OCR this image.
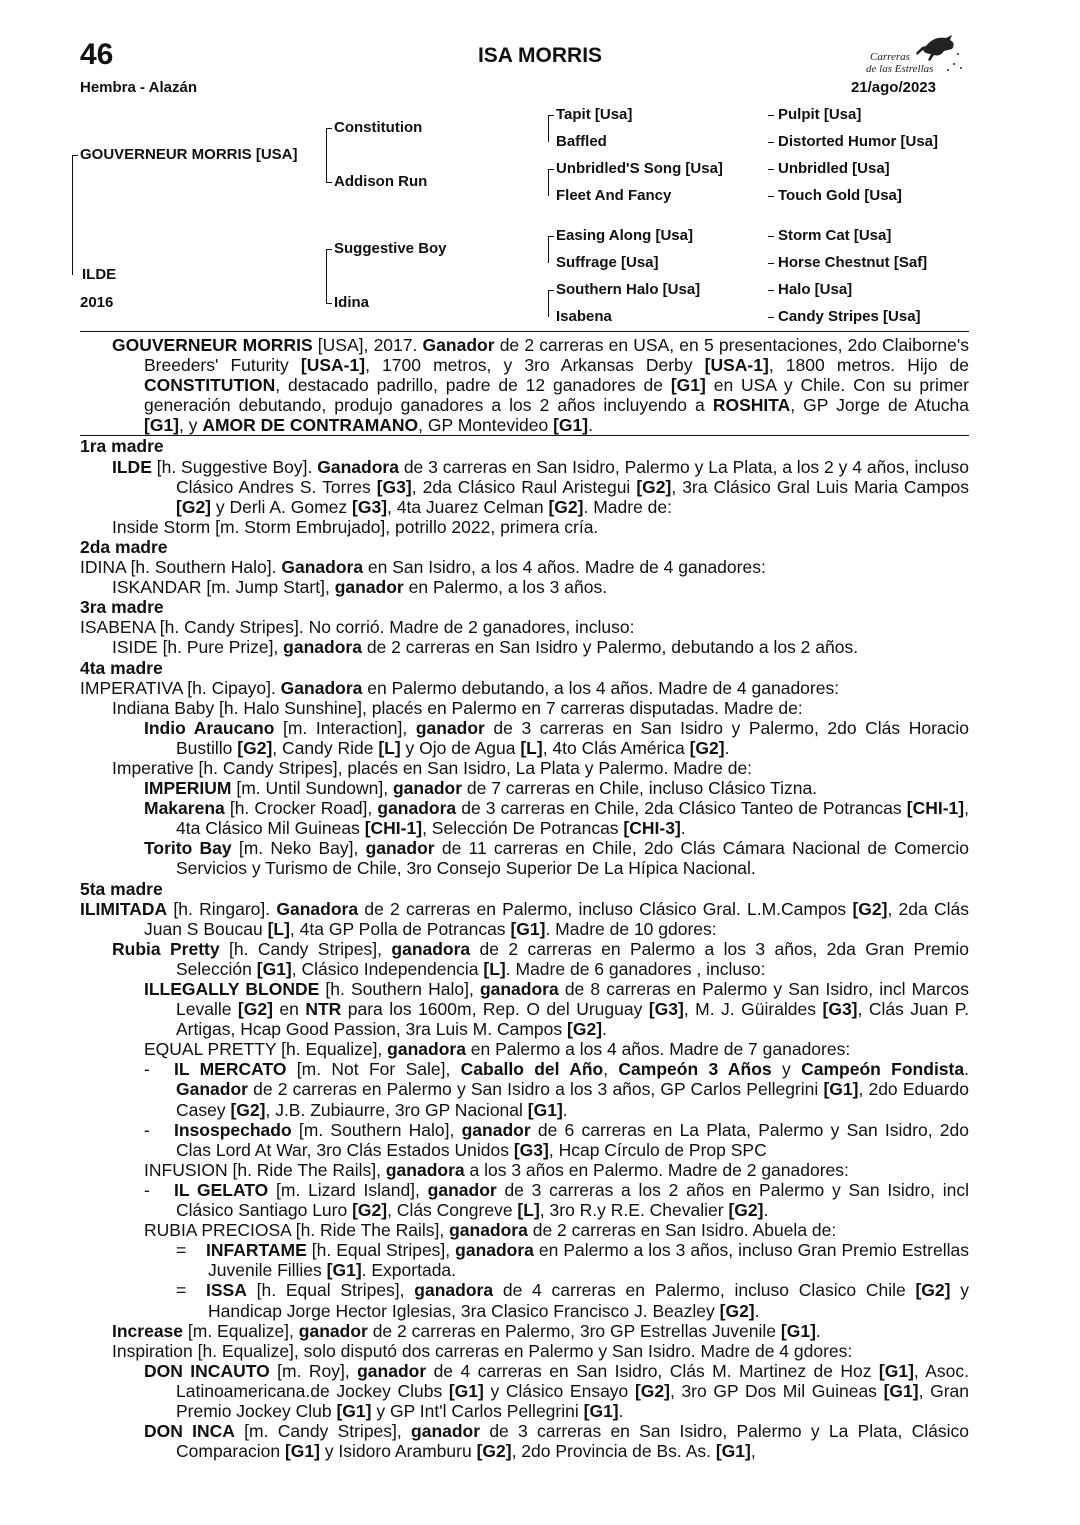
46	ISA MORRIS
Hembra - Alazán	21/ago/2023
Carreras
de las Estrellas
GOUVERNEUR MORRIS [USA]
ILDE
2016
Constitution
Addison Run
Suggestive Boy
Idina
Tapit [Usa]
Baffled
Unbridled'S Song [Usa]
Fleet And Fancy
Easing Along [Usa]
Suffrage [Usa]
Southern Halo [Usa]
Isabena
Pulpit [Usa]
Distorted Humor [Usa]
Unbridled [Usa]
Touch Gold [Usa]
Storm Cat [Usa]
Horse Chestnut [Saf]
Halo [Usa]
Candy Stripes [Usa]

GOUVERNEUR MORRIS [USA], 2017. Ganador de 2 carreras en USA, en 5 presentaciones, 2do Claiborne's Breeders' Futurity [USA-1], 1700 metros, y 3ro Arkansas Derby [USA-1], 1800 metros. Hijo de CONSTITUTION, destacado padrillo, padre de 12 ganadores de [G1] en USA y Chile. Con su primer generación debutando, produjo ganadores a los 2 años incluyendo a ROSHITA, GP Jorge de Atucha [G1], y AMOR DE CONTRAMANO, GP Montevideo [G1].

1ra madre

ILDE [h. Suggestive Boy]. Ganadora de 3 carreras en San Isidro, Palermo y La Plata, a los 2 y 4 años, incluso Clásico Andres S. Torres [G3], 2da Clásico Raul Aristegui [G2], 3ra Clásico Gral Luis Maria Campos [G2] y Derli A. Gomez [G3], 4ta Juarez Celman [G2]. Madre de:

Inside Storm [m. Storm Embrujado], potrillo 2022, primera cría.

2da madre

IDINA [h. Southern Halo]. Ganadora en San Isidro, a los 4 años. Madre de 4 ganadores:

ISKANDAR [m. Jump Start], ganador en Palermo, a los 3 años.

3ra madre

ISABENA [h. Candy Stripes]. No corrió. Madre de 2 ganadores, incluso:

ISIDE [h. Pure Prize], ganadora de 2 carreras en San Isidro y Palermo, debutando a los 2 años.

4ta madre

IMPERATIVA [h. Cipayo]. Ganadora en Palermo debutando, a los 4 años. Madre de 4 ganadores:

Indiana Baby [h. Halo Sunshine], placés en Palermo en 7 carreras disputadas. Madre de:

Indio Araucano [m. Interaction], ganador de 3 carreras en San Isidro y Palermo, 2do Clás Horacio Bustillo [G2], Candy Ride [L] y Ojo de Agua [L], 4to Clás América [G2].

Imperative [h. Candy Stripes], placés en San Isidro, La Plata y Palermo. Madre de:

IMPERIUM [m. Until Sundown], ganador de 7 carreras en Chile, incluso Clásico Tizna.

Makarena [h. Crocker Road], ganadora de 3 carreras en Chile, 2da Clásico Tanteo de Potrancas [CHI-1], 4ta Clásico Mil Guineas [CHI-1], Selección De Potrancas [CHI-3].

Torito Bay [m. Neko Bay], ganador de 11 carreras en Chile, 2do Clás Cámara Nacional de Comercio Servicios y Turismo de Chile, 3ro Consejo Superior De La Hípica Nacional.

5ta madre

ILIMITADA [h. Ringaro]. Ganadora de 2 carreras en Palermo, incluso Clásico Gral. L.M.Campos [G2], 2da Clás Juan S Boucau [L], 4ta GP Polla de Potrancas [G1]. Madre de 10 gdores:

Rubia Pretty [h. Candy Stripes], ganadora de 2 carreras en Palermo a los 3 años, 2da Gran Premio Selección [G1], Clásico Independencia [L]. Madre de 6 ganadores , incluso:

ILLEGALLY BLONDE [h. Southern Halo], ganadora de 8 carreras en Palermo y San Isidro, incl Marcos Levalle [G2] en NTR para los 1600m, Rep. O del Uruguay [G3], M. J. Güiraldes [G3], Clás Juan P. Artigas, Hcap Good Passion, 3ra Luis M. Campos [G2].

EQUAL PRETTY [h. Equalize], ganadora en Palermo a los 4 años. Madre de 7 ganadores:

- IL MERCATO [m. Not For Sale], Caballo del Año, Campeón 3 Años y Campeón Fondista. Ganador de 2 carreras en Palermo y San Isidro a los 3 años, GP Carlos Pellegrini [G1], 2do Eduardo Casey [G2], J.B. Zubiaurre, 3ro GP Nacional [G1].

- Insospechado [m. Southern Halo], ganador de 6 carreras en La Plata, Palermo y San Isidro, 2do Clas Lord At War, 3ro Clás Estados Unidos [G3], Hcap Círculo de Prop SPC

INFUSION [h. Ride The Rails], ganadora a los 3 años en Palermo. Madre de 2 ganadores:

- IL GELATO [m. Lizard Island], ganador de 3 carreras a los 2 años en Palermo y San Isidro, incl Clásico Santiago Luro [G2], Clás Congreve [L], 3ro R.y R.E. Chevalier [G2].

RUBIA PRECIOSA [h. Ride The Rails], ganadora de 2 carreras en San Isidro. Abuela de:

= INFARTAME [h. Equal Stripes], ganadora en Palermo a los 3 años, incluso Gran Premio Estrellas Juvenile Fillies [G1]. Exportada.

= ISSA [h. Equal Stripes], ganadora de 4 carreras en Palermo, incluso Clasico Chile [G2] y Handicap Jorge Hector Iglesias, 3ra Clasico Francisco J. Beazley [G2].

Increase [m. Equalize], ganador de 2 carreras en Palermo, 3ro GP Estrellas Juvenile [G1].

Inspiration [h. Equalize], solo disputó dos carreras en Palermo y San Isidro. Madre de 4 gdores:

DON INCAUTO [m. Roy], ganador de 4 carreras en San Isidro, Clás M. Martinez de Hoz [G1], Asoc. Latinoamericana.de Jockey Clubs [G1] y Clásico Ensayo [G2], 3ro GP Dos Mil Guineas [G1], Gran Premio Jockey Club [G1] y GP Int'l Carlos Pellegrini [G1].

DON INCA [m. Candy Stripes], ganador de 3 carreras en San Isidro, Palermo y La Plata, Clásico Comparacion [G1] y Isidoro Aramburu [G2], 2do Provincia de Bs. As. [G1],
